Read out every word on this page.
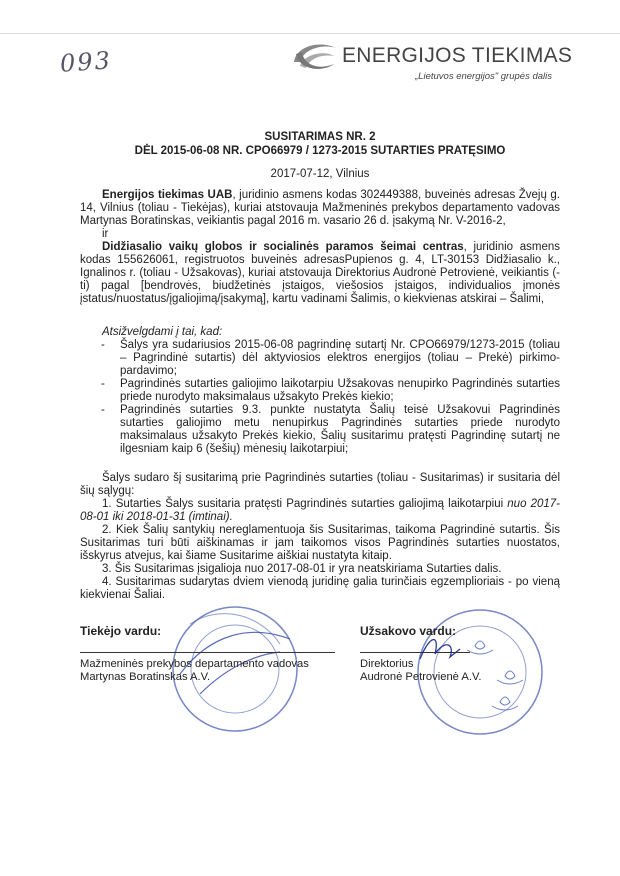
093	ENERGIJOS TIEKIMAS
„Lietuvos energijos" grupės dalis
SUSITARIMAS NR. 2
DĖL 2015-06-08 NR. CPO66979 / 1273-2015 SUTARTIES PRATĘSIMO
2017-07-12, Vilnius

Energijos tiekimas UAB, juridinio asmens kodas 302449388, buveinės adresas Žvejų g. 14, Vilnius (toliau - Tiekėjas), kuriai atstovauja Mažmeninės prekybos departamento vadovas Martynas Boratinskas, veikiantis pagal 2016 m. vasario 26 d. įsakymą Nr. V-2016-2,

ir

Didžiasalio vaikų globos ir socialinės paramos šeimai centras, juridinio asmens kodas 155626061, registruotos buveinės adresasPupienos g. 4, LT-30153 Didžiasalio k., Ignalinos r. (toliau - Užsakovas), kuriai atstovauja Direktorius Audronė Petrovienė, veikiantis (-ti) pagal [bendrovės, biudžetinės įstaigos, viešosios įstaigos, individualios įmonės įstatus/nuostatus/įgaliojimą/įsakymą], kartu vadinami Šalimis, o kiekvienas atskirai – Šalimi,

Atsižvelgdami į tai, kad:

- Šalys yra sudariusios 2015-06-08 pagrindinę sutartį Nr. CPO66979/1273-2015 (toliau – Pagrindinė sutartis) dėl aktyviosios elektros energijos (toliau – Prekė) pirkimo-pardavimo;
- Pagrindinės sutarties galiojimo laikotarpiu Užsakovas nenupirko Pagrindinės sutarties priede nurodyto maksimalaus užsakyto Prekės kiekio;
- Pagrindinės sutarties 9.3. punkte nustatyta Šalių teisė Užsakovui Pagrindinės sutarties galiojimo metu nenupirkus Pagrindinės sutarties priede nurodyto maksimalaus užsakyto Prekės kiekio, Šalių susitarimu pratęsti Pagrindinę sutartį ne ilgesniam kaip 6 (šešių) mėnesių laikotarpiui;

Šalys sudaro šį susitarimą prie Pagrindinės sutarties (toliau - Susitarimas) ir susitaria dėl šių sąlygų:

1. Sutarties Šalys susitaria pratęsti Pagrindinės sutarties galiojimą laikotarpiui nuo 2017-08-01 iki 2018-01-31 (imtinai).

2. Kiek Šalių santykių nereglamentuoja šis Susitarimas, taikoma Pagrindinė sutartis. Šis Susitarimas turi būti aiškinamas ir jam taikomos visos Pagrindinės sutarties nuostatos, išskyrus atvejus, kai šiame Susitarime aiškiai nustatyta kitaip.

3. Šis Susitarimas įsigalioja nuo 2017-08-01 ir yra neatskiriama Sutarties dalis.

4. Susitarimas sudarytas dviem vienodą juridinę galia turinčiais egzemplioriais - po vieną kiekvienai Šaliai.

Tiekėjo vardu:
Mažmeninės prekybos departamento vadovas
Martynas Boratinskas A.V.
Užsakovo vardu:
Direktorius
Audronė Petrovienė A.V.
